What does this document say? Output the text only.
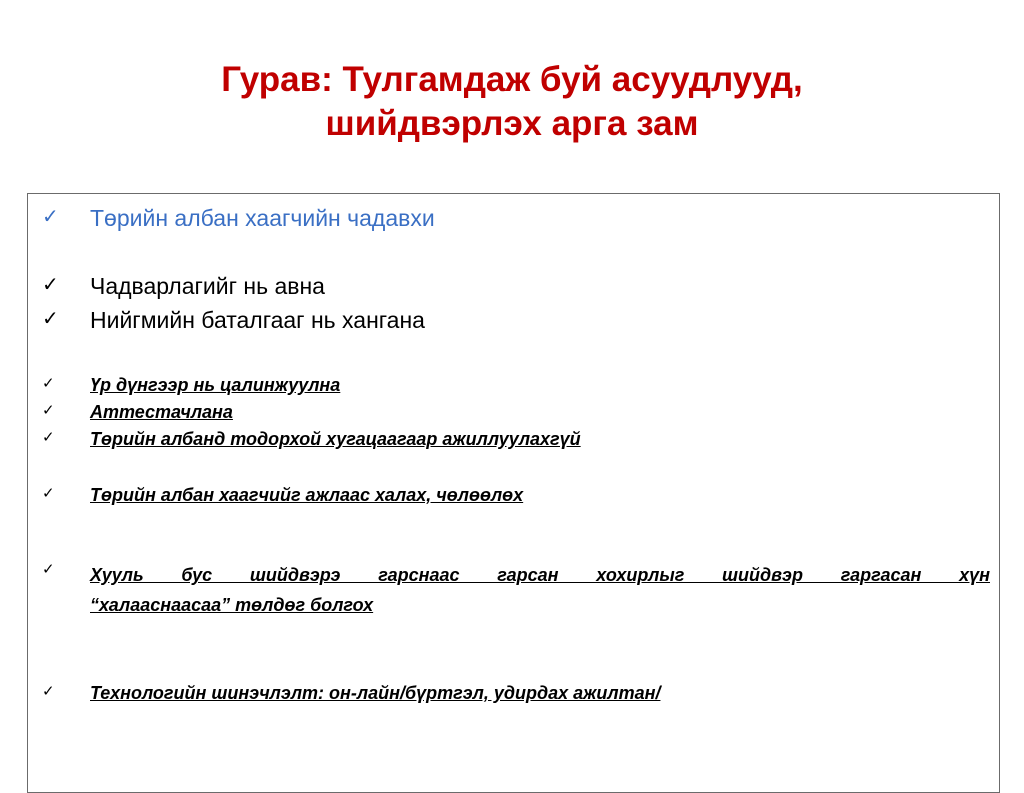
Гурав: Тулгамдаж буй асуудлууд,
шийдвэрлэх арга зам
✓ Төрийн албан хаагчийн чадавхи
✓ Чадварлагийг нь авна
✓ Нийгмийн баталгааг нь хангана
✓ Үр дүнгээр нь цалинжуулна
✓ Аттестачлана
✓ Төрийн албанд тодорхой хугацаагаар ажиллуулахгүй
✓ Төрийн албан хаагчийг ажлаас халах, чөлөөлөх
✓ Хууль бус шийдвэрэ гарснаас гарсан хохирлыг шийдвэр гаргасан хүн
“халааснаасаа” төлдөг болгох
✓ Технологийн шинэчлэлт: он-лайн/бүртгэл, удирдах ажилтан/
